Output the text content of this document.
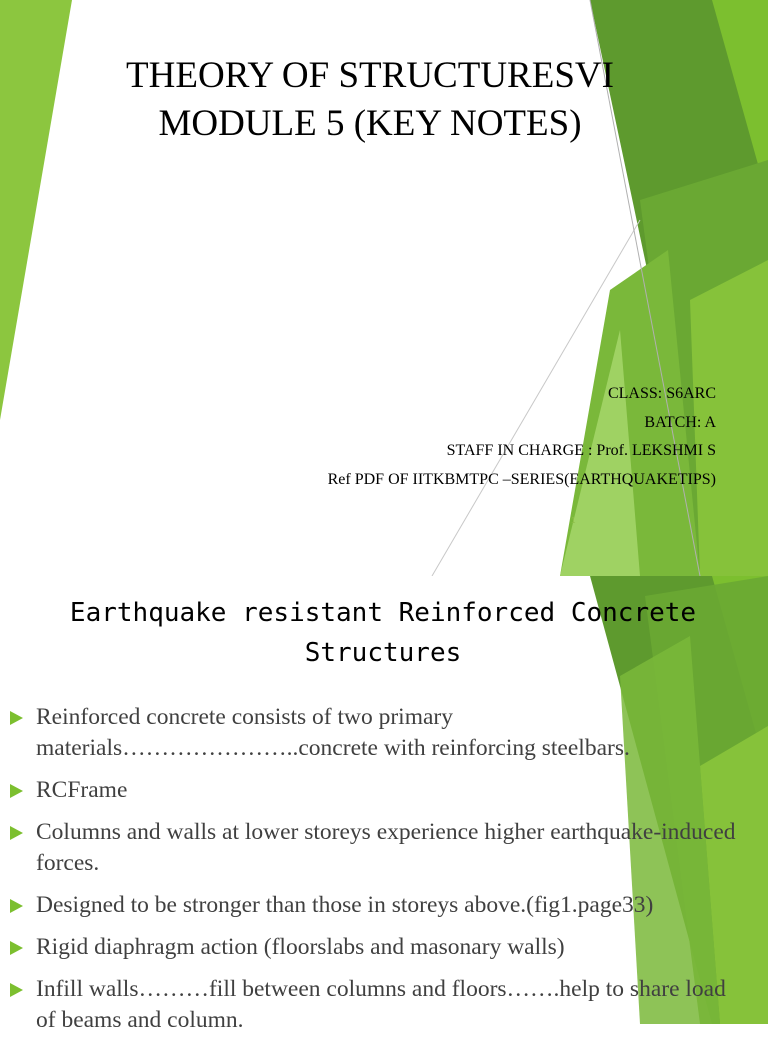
THEORY OF STRUCTURESVI
MODULE 5 (KEY NOTES)
CLASS: S6ARC
BATCH: A
STAFF IN CHARGE : Prof. LEKSHMI S
Ref PDF OF IITKBMTPC –SERIES(EARTHQUAKETIPS)
1
Earthquake resistant Reinforced Concrete Structures
Reinforced concrete consists of two primary materials…………………..concrete with reinforcing steelbars.
RCFrame
Columns and walls at lower storeys experience higher earthquake-induced forces.
Designed to be stronger than those in storeys above.(fig1.page33)
Rigid diaphragm action (floorslabs and masonary walls)
Infill walls………fill between columns and floors…….help to share load of beams and column.
